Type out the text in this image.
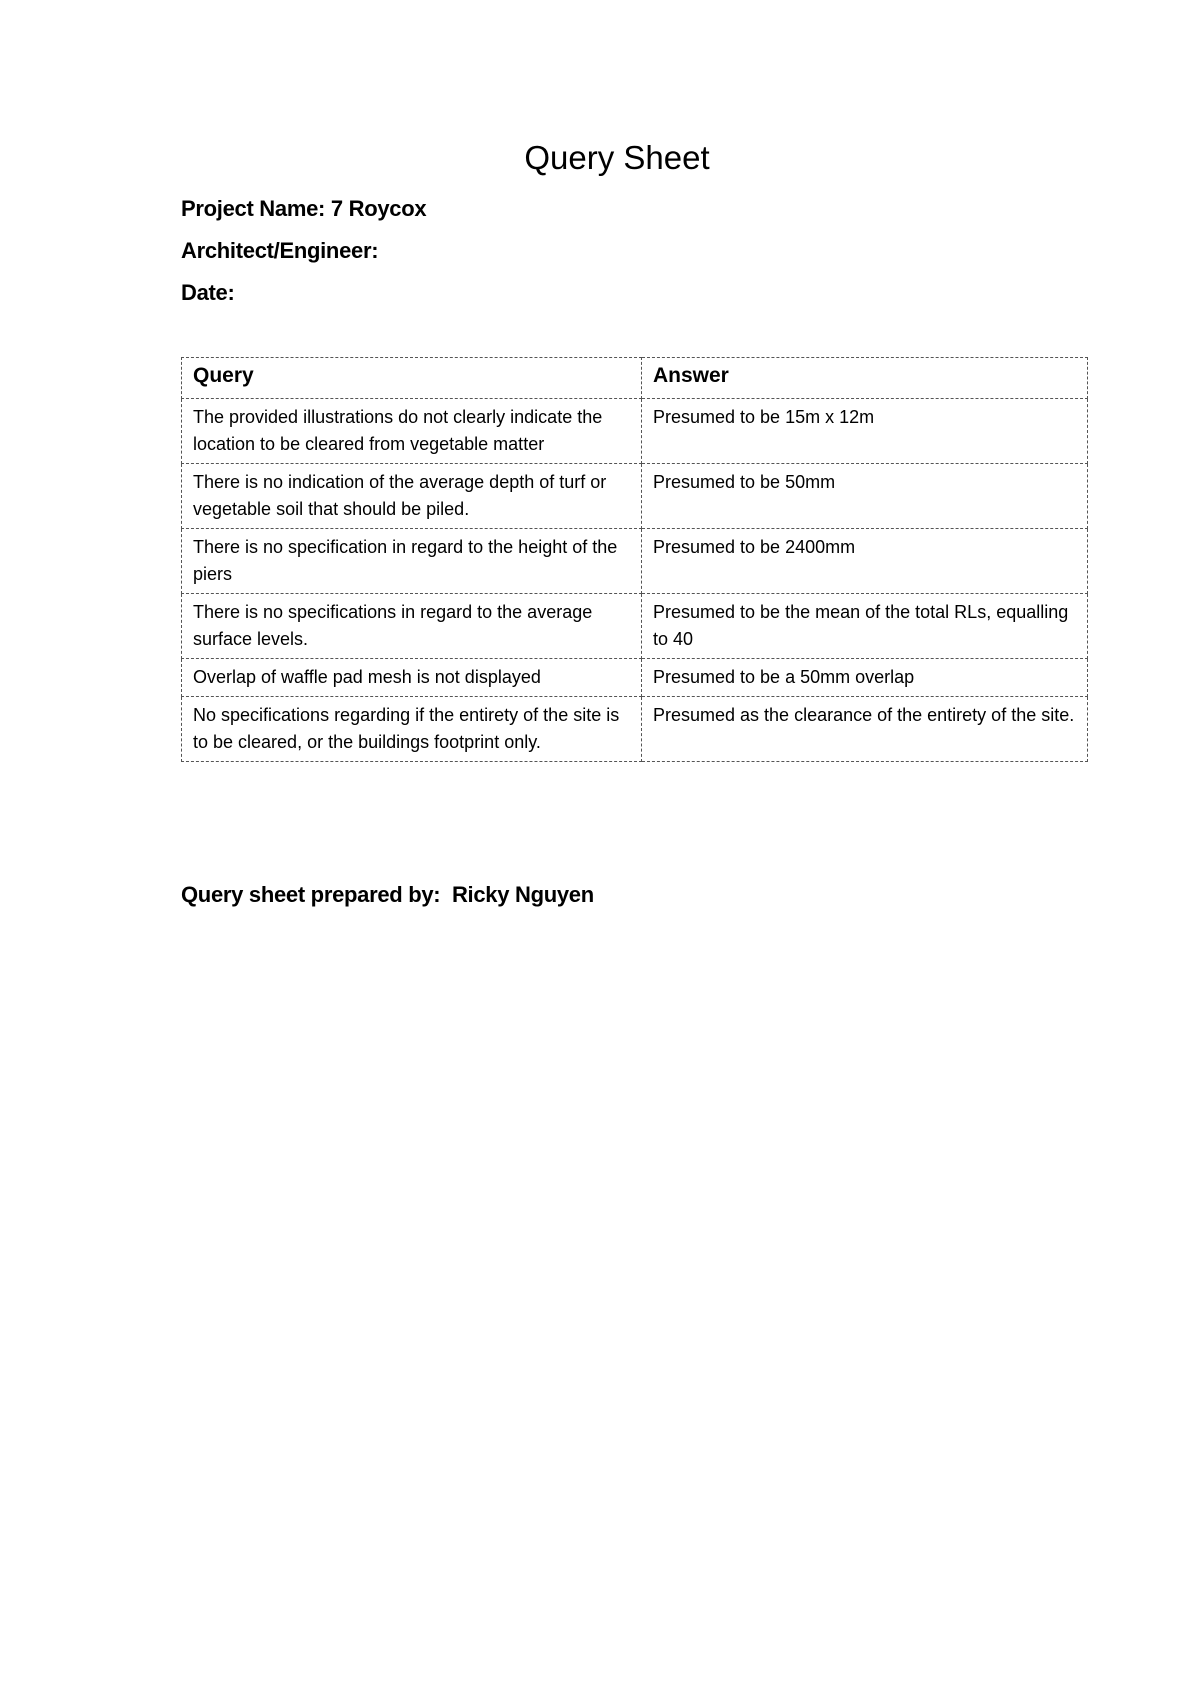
Query Sheet
Project Name: 7 Roycox
Architect/Engineer:
Date:
Query	Answer
The provided illustrations do not clearly indicate the location to be cleared from vegetable matter	Presumed to be 15m x 12m
There is no indication of the average depth of turf or vegetable soil that should be piled.	Presumed to be 50mm
There is no specification in regard to the height of the piers	Presumed to be 2400mm
There is no specifications in regard to the average surface levels.	Presumed to be the mean of the total RLs, equalling to 40
Overlap of waffle pad mesh is not displayed	Presumed to be a 50mm overlap
No specifications regarding if the entirety of the site is to be cleared, or the buildings footprint only.	Presumed as the clearance of the entirety of the site.
Query sheet prepared by:  Ricky Nguyen
